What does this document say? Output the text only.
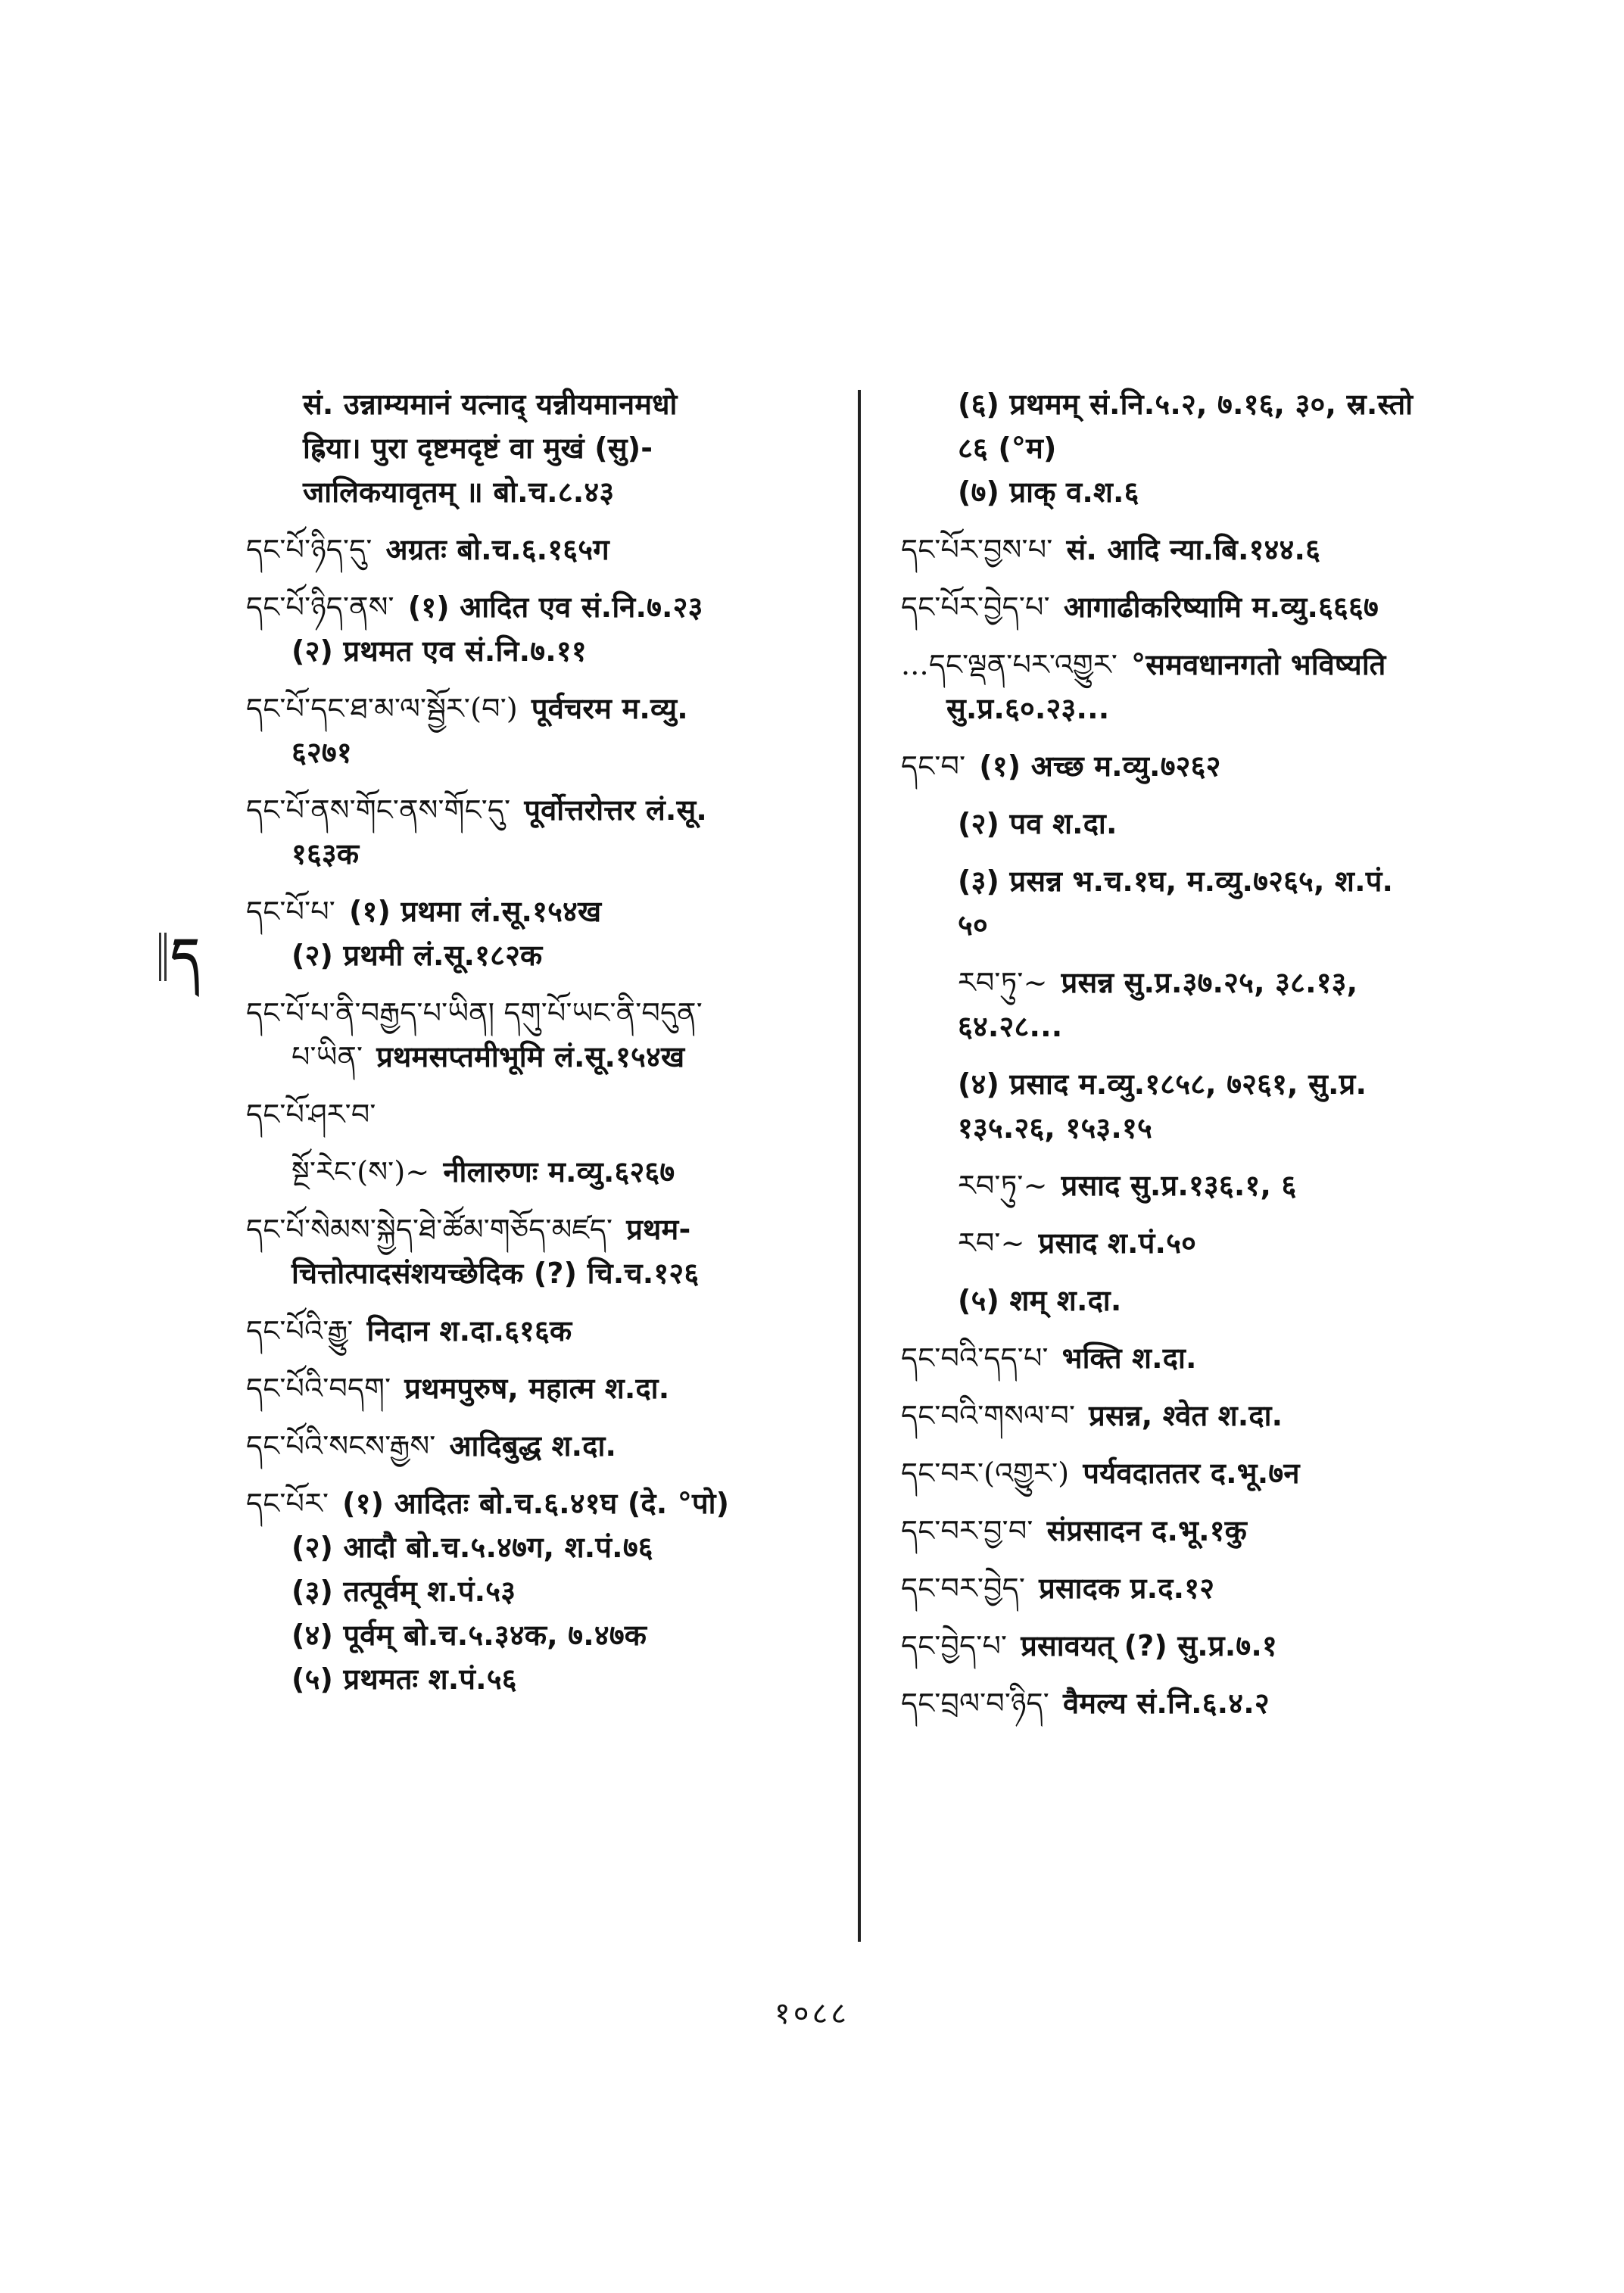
सं. उन्नाम्यमानं यत्नाद् यन्नीयमानमधो
ह्रिया। पुरा दृष्टमदृष्टं वा मुखं (सु)-
जालिकयावृतम् ॥ बो.च.८.४३
དང་པོ་ཉིད་དུ་ अग्रतः बो.च.६.१६५ग
དང་པོ་ཉིད་ནས་ (१) आदित एव सं.नि.७.२३
(२) प्रथमत एव सं.नि.७.११
དང་པོ་དང་ཐ་མ་ལ་སྦྱོར་(བ་) पूर्वचरम म.व्यु.
६२७१
དང་པོ་ནས་གོང་ནས་གོང་དུ་ पूर्वोत्तरोत्तर लं.सू.
१६३क
དང་པོ་པ་ (१) प्रथमा लं.सू.१५४ख
(२) प्रथमी लं.सू.१८२क
དང་པོ་པ་ནི་བརྒྱད་པ་ཡིན། དགུ་པོ་ཡང་ནི་བདུན་
པ་ཡིན་ प्रथमसप्तमीभूमि लं.सू.१५४ख
དང་པོ་ཤར་བ་
སྔོ་རེང་(ས་)~ नीलारुणः म.व्यु.६२६७
དང་པོ་སེམས་སྐྱེད་ཐེ་ཚོམ་གཅོད་མཛད་ प्रथम-
चित्तोत्पादसंशयच्छेदिक (?) चि.च.१२६
དང་པོའི་རྒྱུ་ निदान श.दा.६१६क
དང་པོའི་བདག་ प्रथमपुरुष, महात्म श.दा.
དང་པོའི་སངས་རྒྱས་ आदिबुद्ध श.दा.
དང་པོར་ (१) आदितः बो.च.६.४१घ (दे. °पो)
(२) आदौ बो.च.५.४७ग, श.पं.७६
(३) तत्पूर्वम् श.पं.५३
(४) पूर्वम् बो.च.५.३४क, ७.४७क
(५) प्रथमतः श.पं.५६
(६) प्रथमम् सं.नि.५.२, ७.१६, ३०, स्र.स्तो
८६ (°म)
(७) प्राक् व.श.६
དང་པོར་བྱས་པ་ सं. आदि न्या.बि.१४४.६
དང་པོར་བྱེད་པ་ आगाढीकरिष्यामि म.व्यु.६६६७
...དང་ལྡན་པར་འགྱུར་ °समवधानगतो भविष्यति
सु.प्र.६०.२३...
དང་བ་ (१) अच्छ म.व्यु.७२६२
(२) पव श.दा.
(३) प्रसन्न भ.च.१घ, म.व्यु.७२६५, श.पं.
५०
རབ་ཏུ་~ प्रसन्न सु.प्र.३७.२५, ३८.१३,
६४.२८...
(४) प्रसाद म.व्यु.१८५८, ७२६१, सु.प्र.
१३५.२६, १५३.१५
རབ་ཏུ་~ प्रसाद सु.प्र.१३६.१, ६
རབ་~ प्रसाद श.पं.५०
(५) शम् श.दा.
དང་བའི་དད་པ་ भक्ति श.दा.
དང་བའི་གསལ་བ་ प्रसन्न, श्वेत श.दा.
དང་བར་(འགྱུར་) पर्यवदाततर द.भू.७न
དང་བར་བྱ་བ་ संप्रसादन द.भू.१कु
དང་བར་བྱེད་ प्रसादक प्र.द.१२
དང་བྱེད་པ་ प्रसावयत् (?) सु.प्र.७.१
དང་བྲལ་བ་ཉིད་ वैमल्य सं.नि.६.४.२
ད
१०८८
